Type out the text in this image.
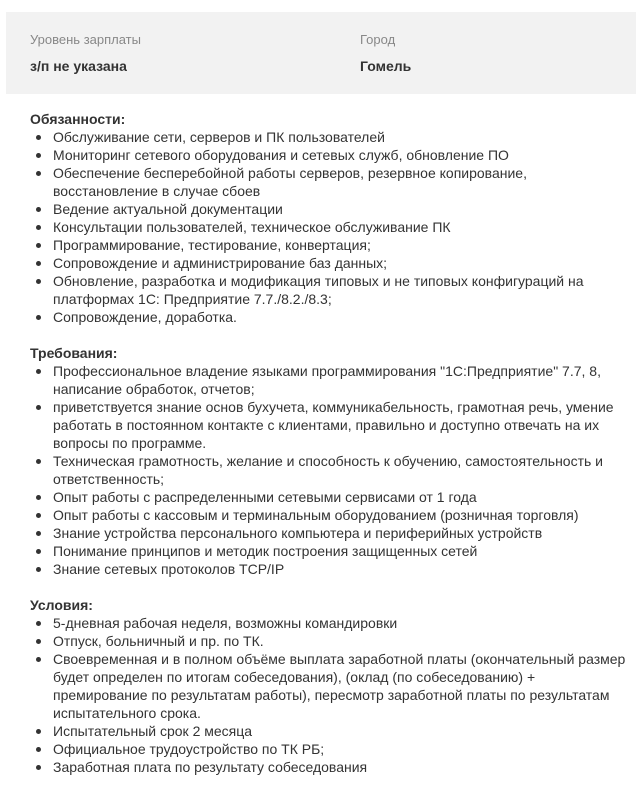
Уровень зарплаты
з/п не указана
Город
Гомель

Обязанности:

Обслуживание сети, серверов и ПК пользователей
Мониторинг сетевого оборудования и сетевых служб, обновление ПО
Обеспечение бесперебойной работы серверов, резервное копирование, восстановление в случае сбоев
Ведение актуальной документации
Консультации пользователей, техническое обслуживание ПК
Программирование, тестирование, конвертация;
Сопровождение и администрирование баз данных;
Обновление, разработка и модификация типовых и не типовых конфигураций на платформах 1С: Предприятие 7.7./8.2./8.3;
Сопровождение, доработка.

Требования:

Профессиональное владение языками программирования "1С:Предприятие" 7.7, 8, написание обработок, отчетов;
приветствуется знание основ бухучета, коммуникабельность, грамотная речь, умение работать в постоянном контакте с клиентами, правильно и доступно отвечать на их вопросы по программе.
Техническая грамотность, желание и способность к обучению, самостоятельность и ответственность;
Опыт работы с распределенными сетевыми сервисами от 1 года
Опыт работы с кассовым и терминальным оборудованием (розничная торговля)
Знание устройства персонального компьютера и периферийных устройств
Понимание принципов и методик построения защищенных сетей
Знание сетевых протоколов TCP/IP

Условия:

5-дневная рабочая неделя, возможны командировки
Отпуск, больничный и пр. по ТК.
Своевременная и в полном объёме выплата заработной платы (окончательный размер будет определен по итогам собеседования), (оклад (по собеседованию) + премирование по результатам работы), пересмотр заработной платы по результатам испытательного срока.
Испытательный срок 2 месяца
Официальное трудоустройство по ТК РБ;
Заработная плата по результату собеседования
